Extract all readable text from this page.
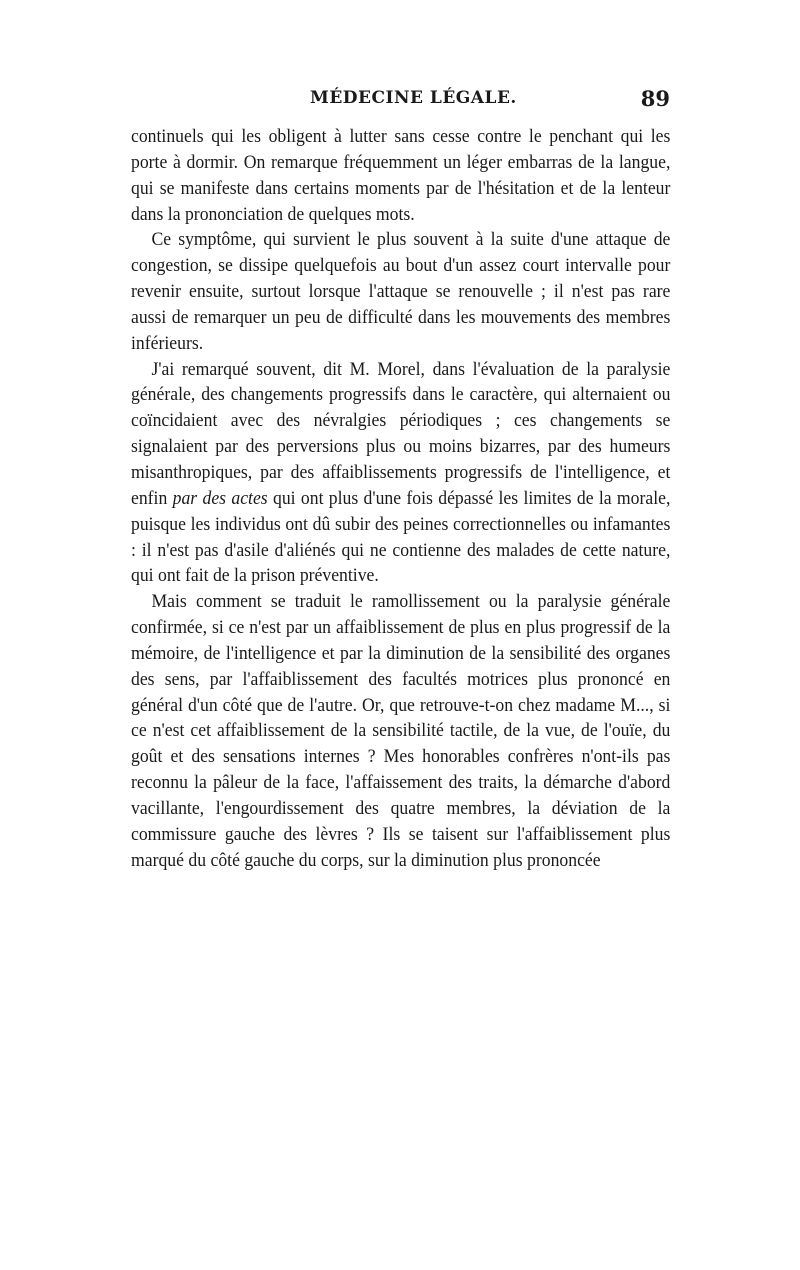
MÉDECINE LÉGALE.	89

continuels qui les obligent à lutter sans cesse contre le penchant qui les porte à dormir. On remarque fréquemment un léger embarras de la langue, qui se manifeste dans certains moments par de l'hésitation et de la lenteur dans la prononciation de quelques mots.

Ce symptôme, qui survient le plus souvent à la suite d'une attaque de congestion, se dissipe quelquefois au bout d'un assez court intervalle pour revenir ensuite, surtout lorsque l'attaque se renouvelle ; il n'est pas rare aussi de remarquer un peu de difficulté dans les mouvements des membres inférieurs.

J'ai remarqué souvent, dit M. Morel, dans l'évaluation de la paralysie générale, des changements progressifs dans le caractère, qui alternaient ou coïncidaient avec des névralgies périodiques ; ces changements se signalaient par des perversions plus ou moins bizarres, par des humeurs misanthropiques, par des affaiblissements progressifs de l'intelligence, et enfin par des actes qui ont plus d'une fois dépassé les limites de la morale, puisque les individus ont dû subir des peines correctionnelles ou infamantes : il n'est pas d'asile d'aliénés qui ne contienne des malades de cette nature, qui ont fait de la prison préventive.

Mais comment se traduit le ramollissement ou la paralysie générale confirmée, si ce n'est par un affaiblissement de plus en plus progressif de la mémoire, de l'intelligence et par la diminution de la sensibilité des organes des sens, par l'affaiblissement des facultés motrices plus prononcé en général d'un côté que de l'autre. Or, que retrouve-t-on chez madame M..., si ce n'est cet affaiblissement de la sensibilité tactile, de la vue, de l'ouïe, du goût et des sensations internes ? Mes honorables confrères n'ont-ils pas reconnu la pâleur de la face, l'affaissement des traits, la démarche d'abord vacillante, l'engourdissement des quatre membres, la déviation de la commissure gauche des lèvres ? Ils se taisent sur l'affaiblissement plus marqué du côté gauche du corps, sur la diminution plus prononcée
